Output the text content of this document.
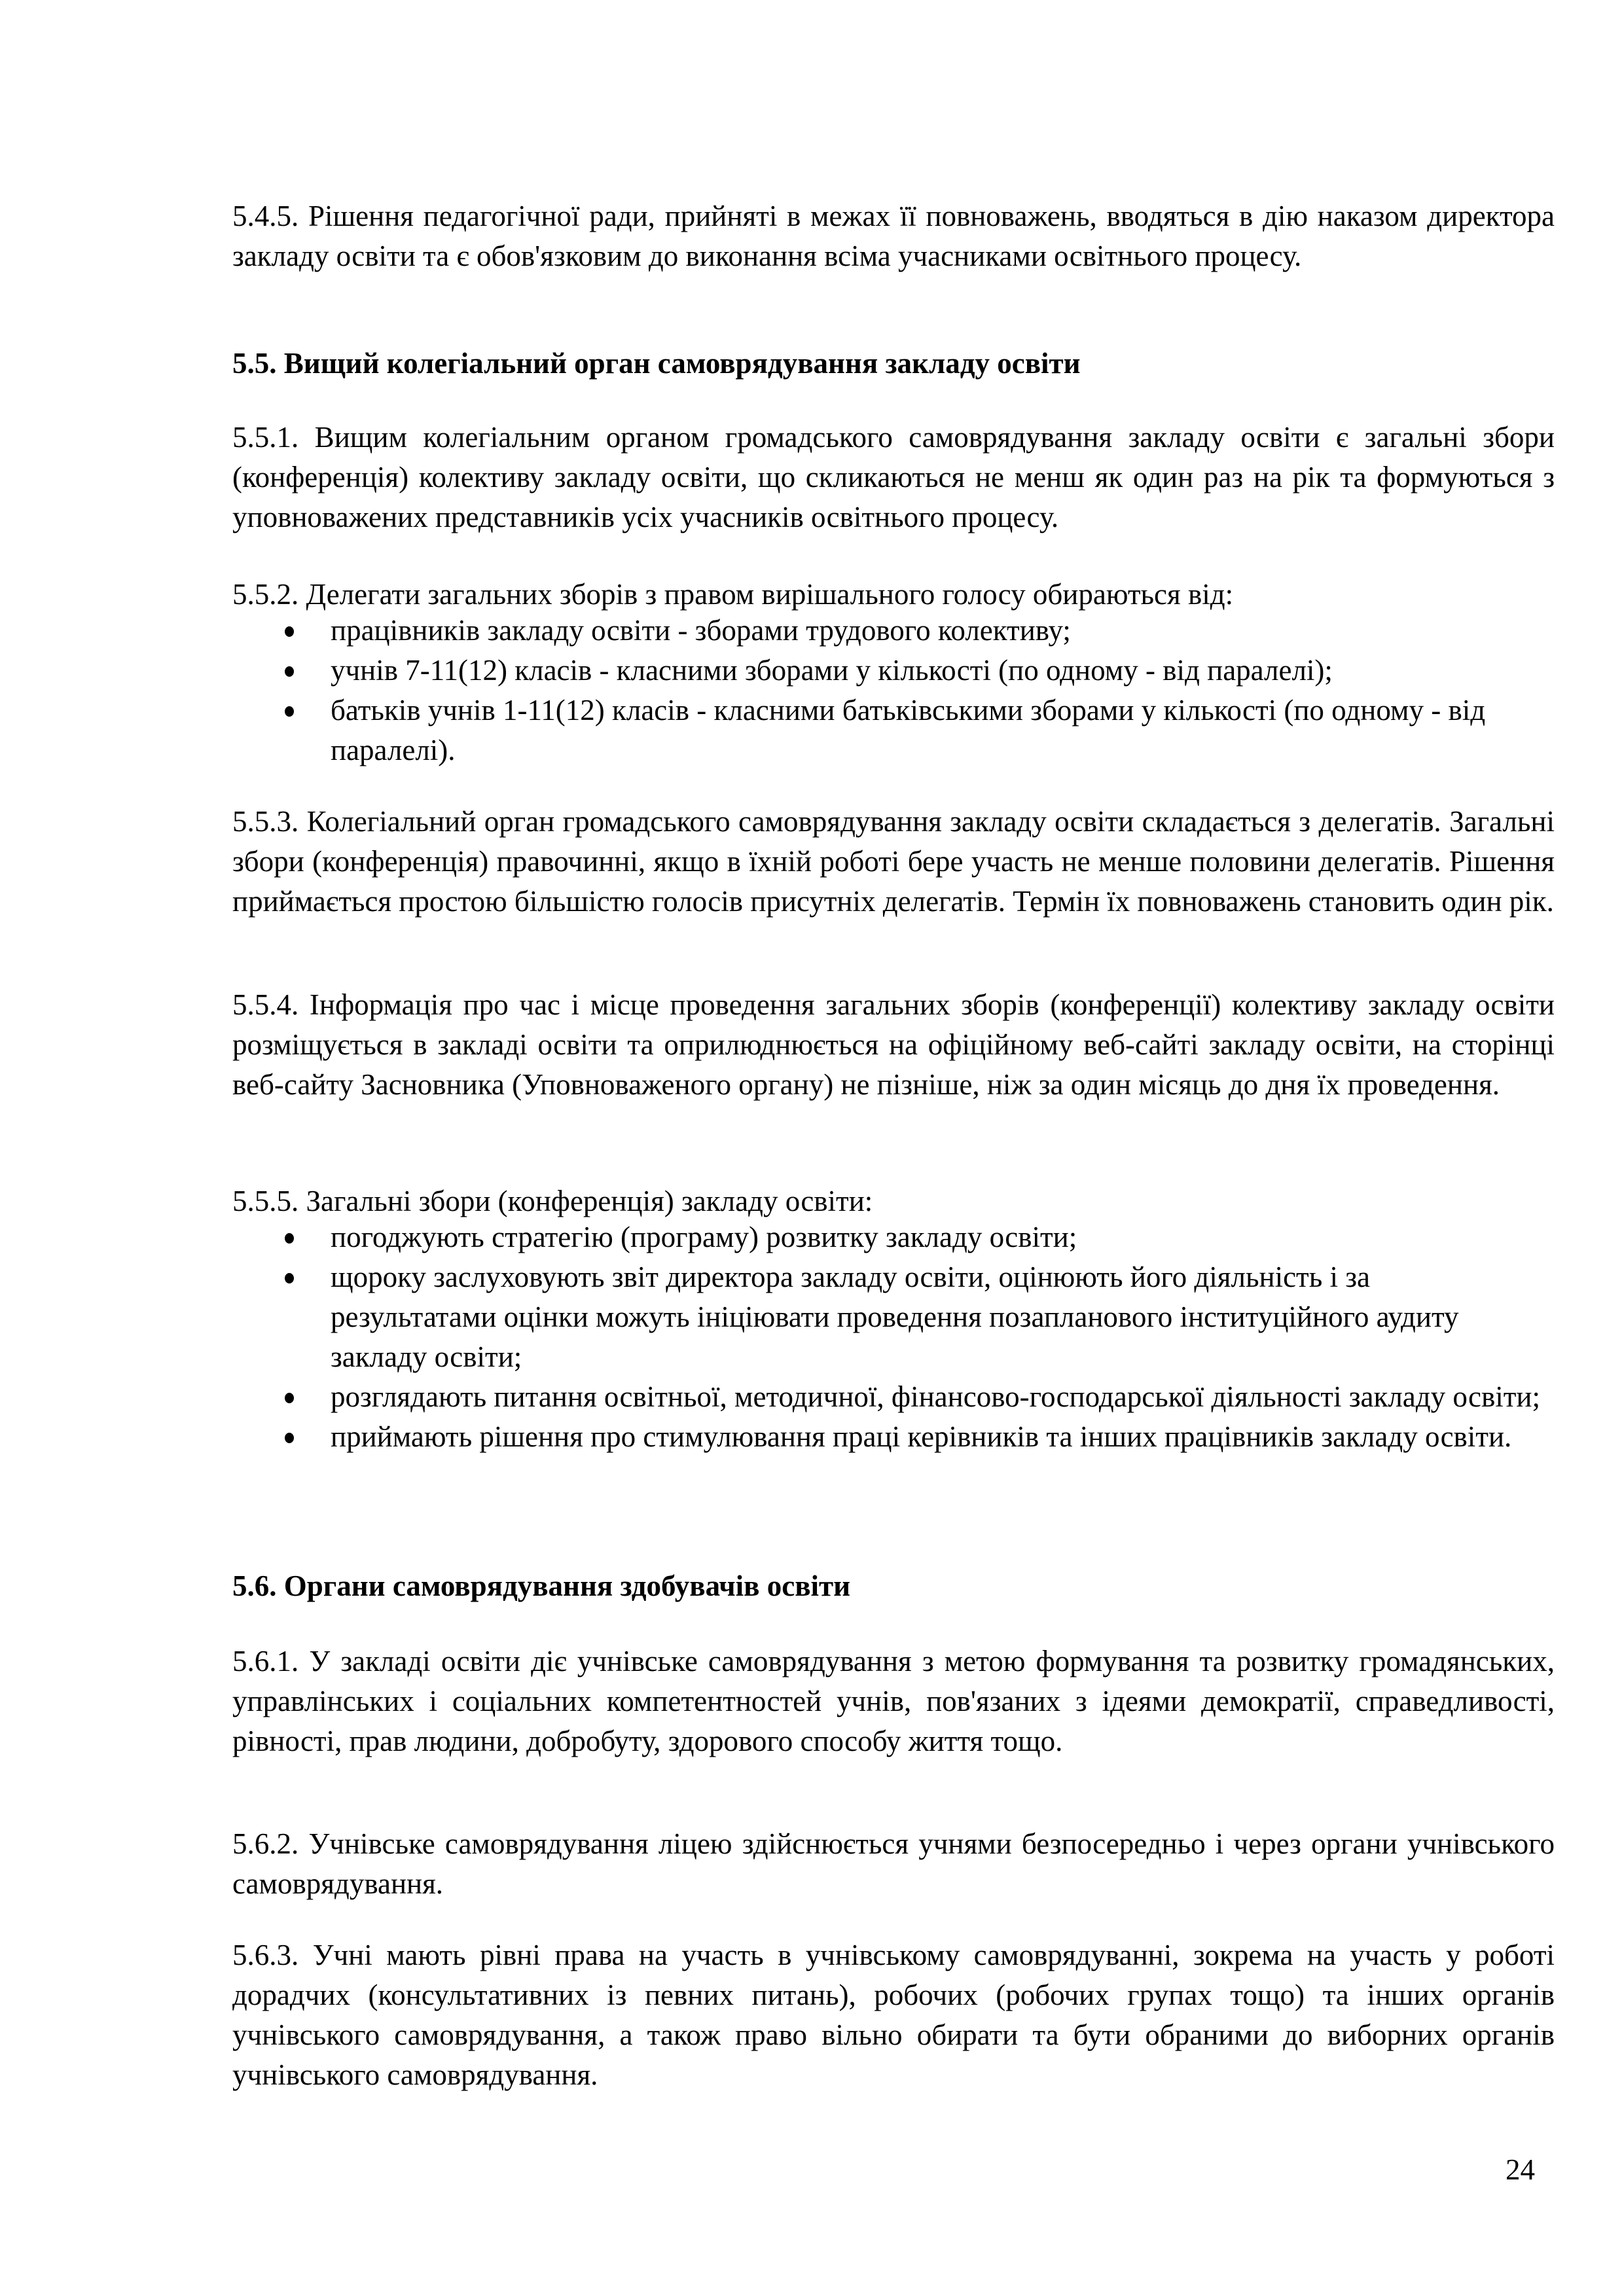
5.4.5. Рішення педагогічної ради, прийняті в межах її повноважень, вводяться в дію наказом директора закладу освіти та є обов'язковим до виконання всіма учасниками освітнього процесу.

5.5. Вищий колегіальний орган самоврядування закладу освіти

5.5.1. Вищим колегіальним органом громадського самоврядування закладу освіти є загальні збори (конференція) колективу закладу освіти, що скликаються не менш як один раз на рік та формуються з уповноважених представників усіх учасників освітнього процесу.

5.5.2. Делегати загальних зборів з правом вирішального голосу обираються від:

працівників закладу освіти - зборами трудового колективу;
учнів 7-11(12) класів - класними зборами у кількості (по одному - від паралелі);
батьків учнів 1-11(12) класів - класними батьківськими зборами у кількості (по одному - від паралелі).

5.5.3. Колегіальний орган громадського самоврядування закладу освіти складається з делегатів. Загальні збори (конференція) правочинні, якщо в їхній роботі бере участь не менше половини делегатів. Рішення приймається простою більшістю голосів присутніх делегатів. Термін їх повноважень становить один рік.

5.5.4. Інформація про час і місце проведення загальних зборів (конференції) колективу закладу освіти розміщується в закладі освіти та оприлюднюється на офіційному веб-сайті закладу освіти, на сторінці веб-сайту Засновника (Уповноваженого органу) не пізніше, ніж за один місяць до дня їх проведення.

5.5.5. Загальні збори (конференція) закладу освіти:

погоджують стратегію (програму) розвитку закладу освіти;
щороку заслуховують звіт директора закладу освіти, оцінюють його діяльність і за результатами оцінки можуть ініціювати проведення позапланового інституційного аудиту закладу освіти;
розглядають питання освітньої, методичної, фінансово-господарської діяльності закладу освіти;
приймають рішення про стимулювання праці керівників та інших працівників закладу освіти.

5.6. Органи самоврядування здобувачів освіти

5.6.1. У закладі освіти діє учнівське самоврядування з метою формування та розвитку громадянських, управлінських і соціальних компетентностей учнів, пов'язаних з ідеями демократії, справедливості, рівності, прав людини, добробуту, здорового способу життя тощо.

5.6.2. Учнівське самоврядування ліцею здійснюється учнями безпосередньо і через органи учнівського самоврядування.

5.6.3. Учні мають рівні права на участь в учнівському самоврядуванні, зокрема на участь у роботі дорадчих (консультативних із певних питань), робочих (робочих групах тощо) та інших органів учнівського самоврядування, а також право вільно обирати та бути обраними до виборних органів учнівського самоврядування.

24
